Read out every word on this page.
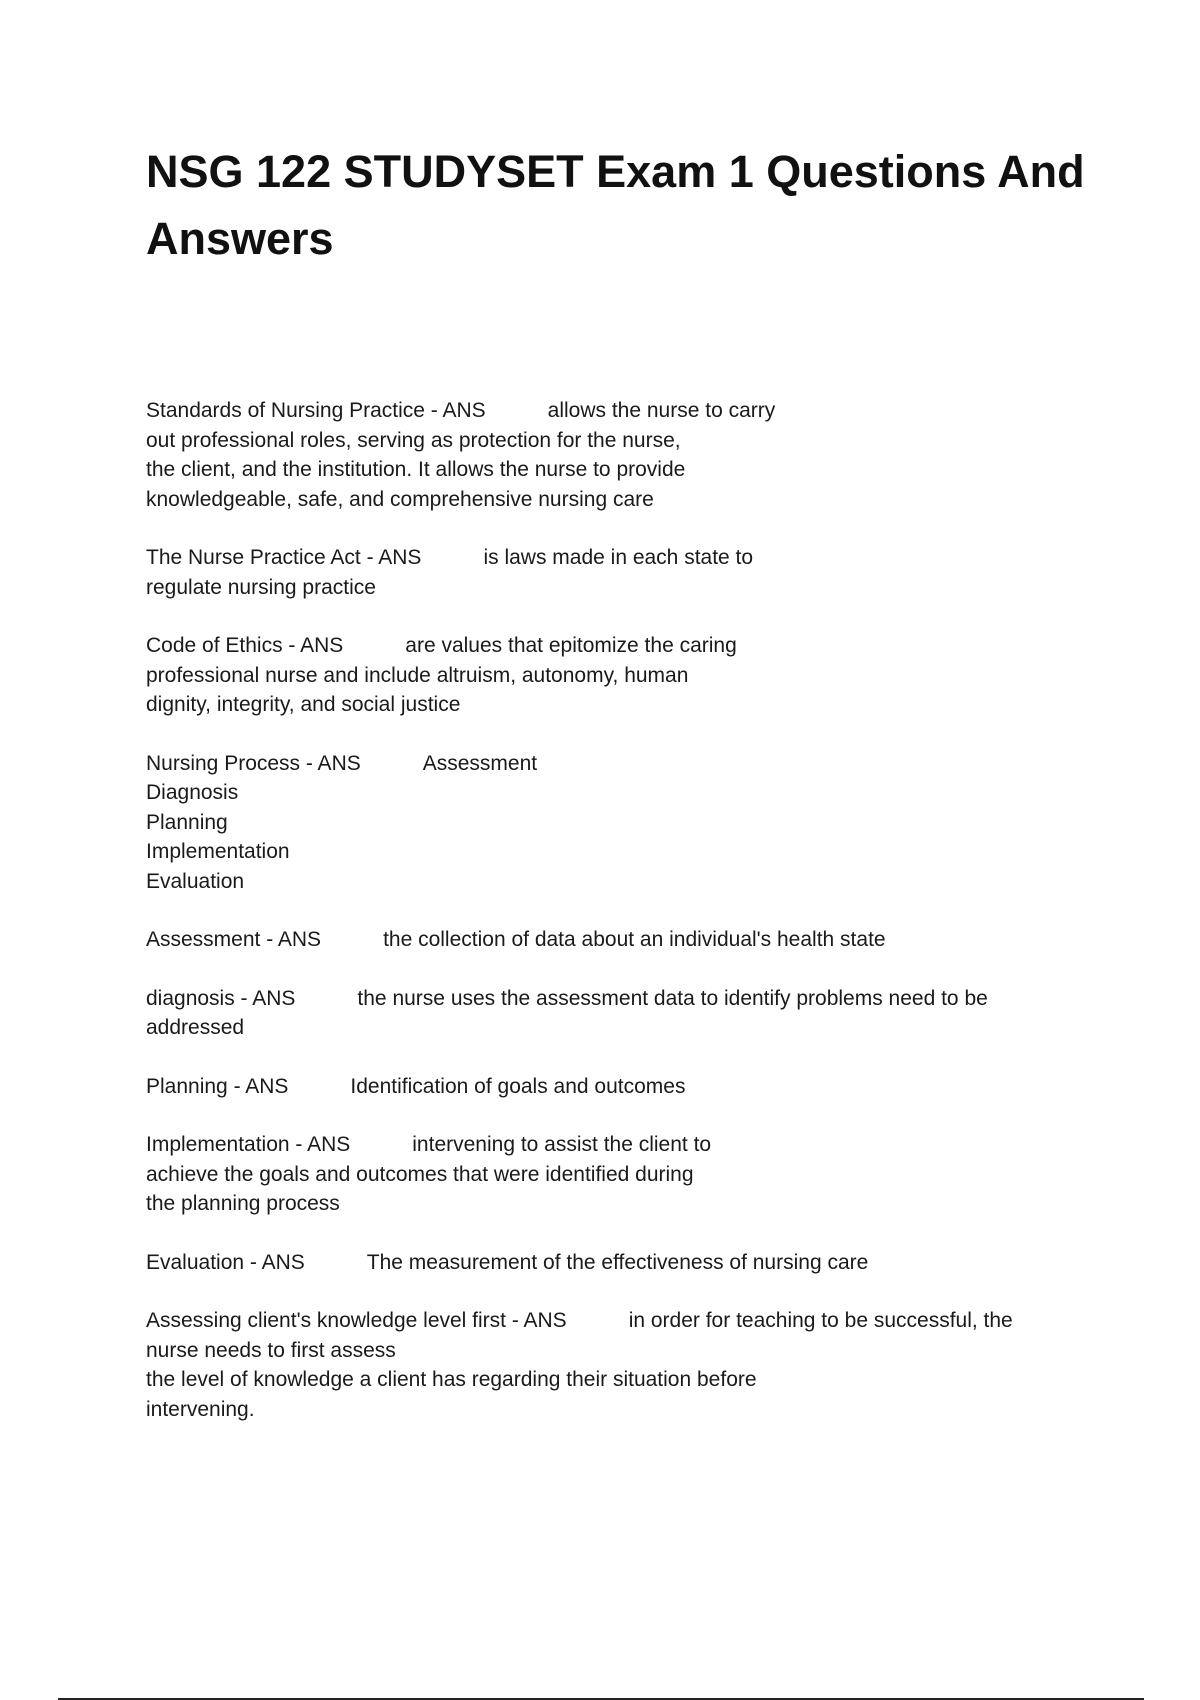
NSG 122 STUDYSET Exam 1 Questions And Answers
Standards of Nursing Practice - ANS	allows the nurse to carry
out professional roles, serving as protection for the nurse,
the client, and the institution. It allows the nurse to provide
knowledgeable, safe, and comprehensive nursing care
The Nurse Practice Act - ANS	is laws made in each state to
regulate nursing practice
Code of Ethics - ANS	are values that epitomize the caring
professional nurse and include altruism, autonomy, human
dignity, integrity, and social justice
Nursing Process - ANS	Assessment
Diagnosis
Planning
Implementation
Evaluation
Assessment - ANS	the collection of data about an individual's health state
diagnosis - ANS	the nurse uses the assessment data to identify problems need to be
addressed
Planning - ANS	Identification of goals and outcomes
Implementation - ANS	intervening to assist the client to
achieve the goals and outcomes that were identified during
the planning process
Evaluation - ANS	The measurement of the effectiveness of nursing care
Assessing client's knowledge level first - ANS	in order for teaching to be successful, the
nurse needs to first assess
the level of knowledge a client has regarding their situation before
intervening.
